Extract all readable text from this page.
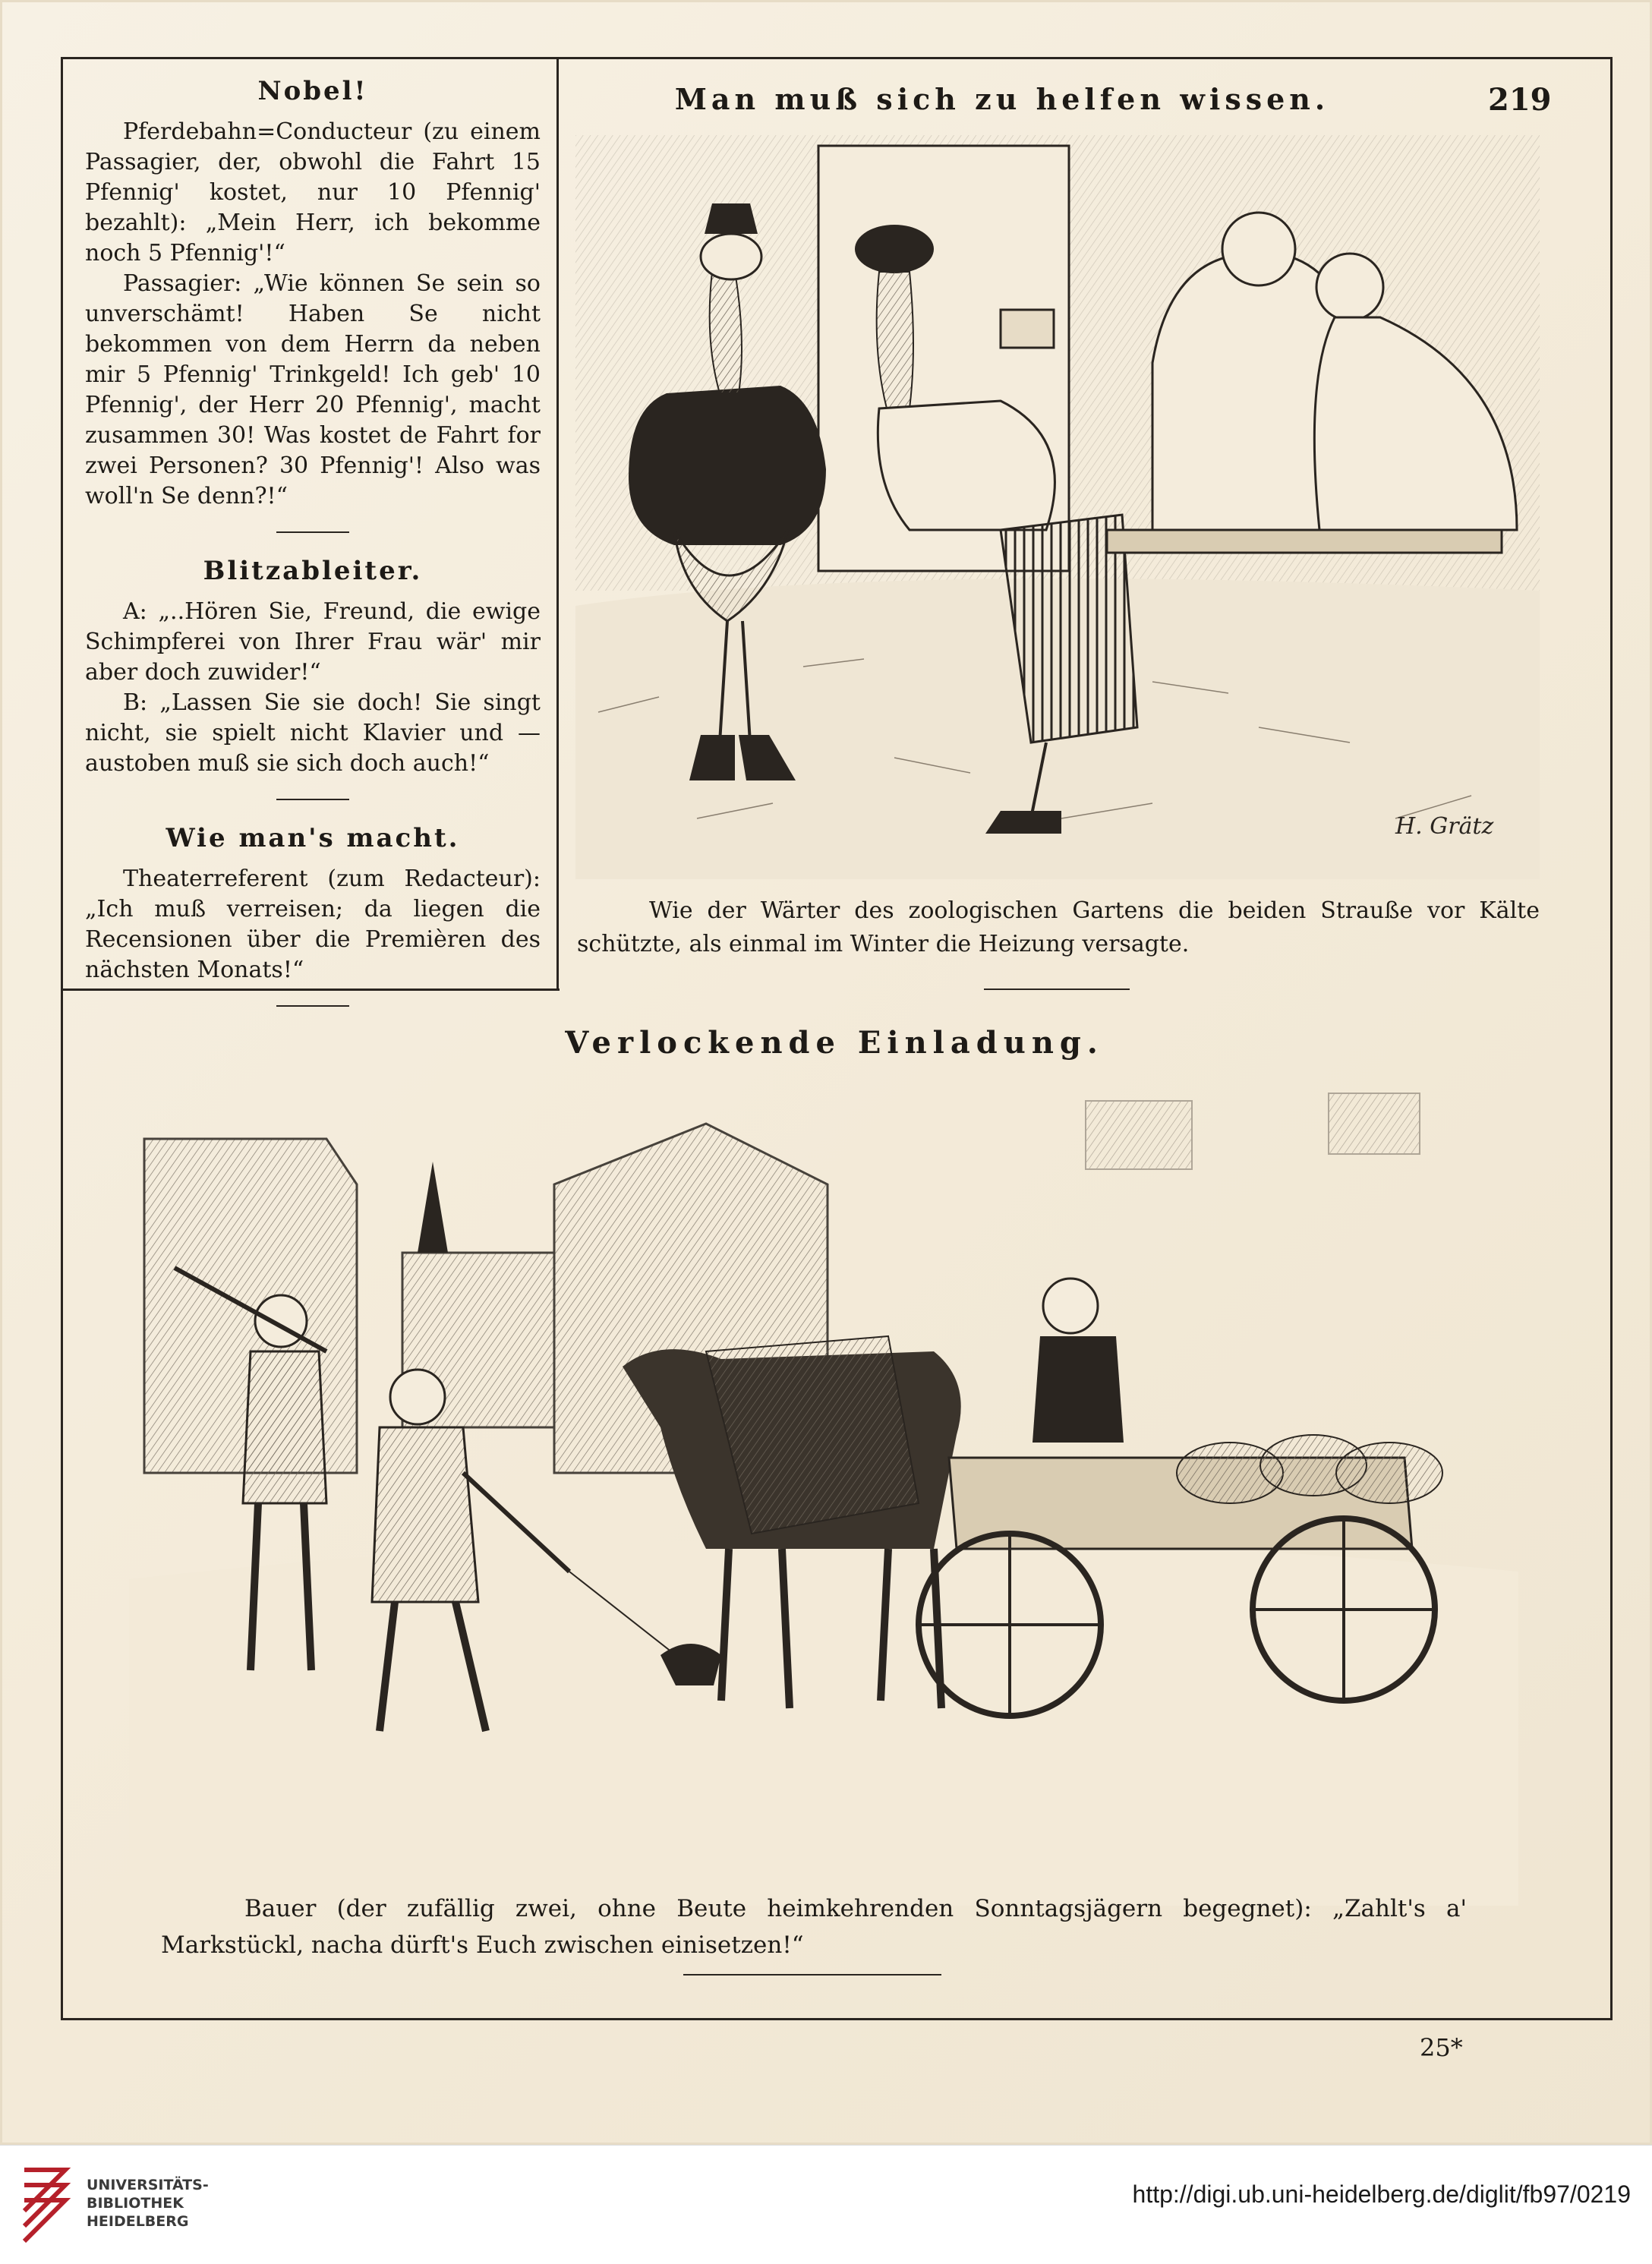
219
Man muß sich zu helfen wissen.
Nobel!

Pferdebahn=Conducteur (zu einem Passagier, der, obwohl die Fahrt 15 Pfennig' kostet, nur 10 Pfennig' bezahlt): „Mein Herr, ich bekomme noch 5 Pfennig'!“

Passagier: „Wie können Se sein so unverschämt! Haben Se nicht bekommen von dem Herrn da neben mir 5 Pfennig' Trinkgeld! Ich geb' 10 Pfennig', der Herr 20 Pfennig', macht zusammen 30! Was kostet de Fahrt for zwei Personen? 30 Pfennig'! Also was woll'n Se denn?!“

Blitzableiter.

A: „..Hören Sie, Freund, die ewige Schimpferei von Ihrer Frau wär' mir aber doch zuwider!“

B: „Lassen Sie sie doch! Sie singt nicht, sie spielt nicht Klavier und — austoben muß sie sich doch auch!“

Wie man's macht.

Theaterreferent (zum Redacteur): „Ich muß verreisen; da liegen die Recensionen über die Premièren des nächsten Monats!“

H. Grätz
Wie der Wärter des zoologischen Gartens die beiden Strauße vor Kälte schützte, als einmal im Winter die Heizung versagte.
Verlockende Einladung.
Bauer (der zufällig zwei, ohne Beute heimkehrenden Sonntagsjägern begegnet): „Zahlt's a' Markstückl, nacha dürft's Euch zwischen einisetzen!“
25*
UNIVERSITÄTS-
BIBLIOTHEK
HEIDELBERG
http://digi.ub.uni-heidelberg.de/diglit/fb97/0219
